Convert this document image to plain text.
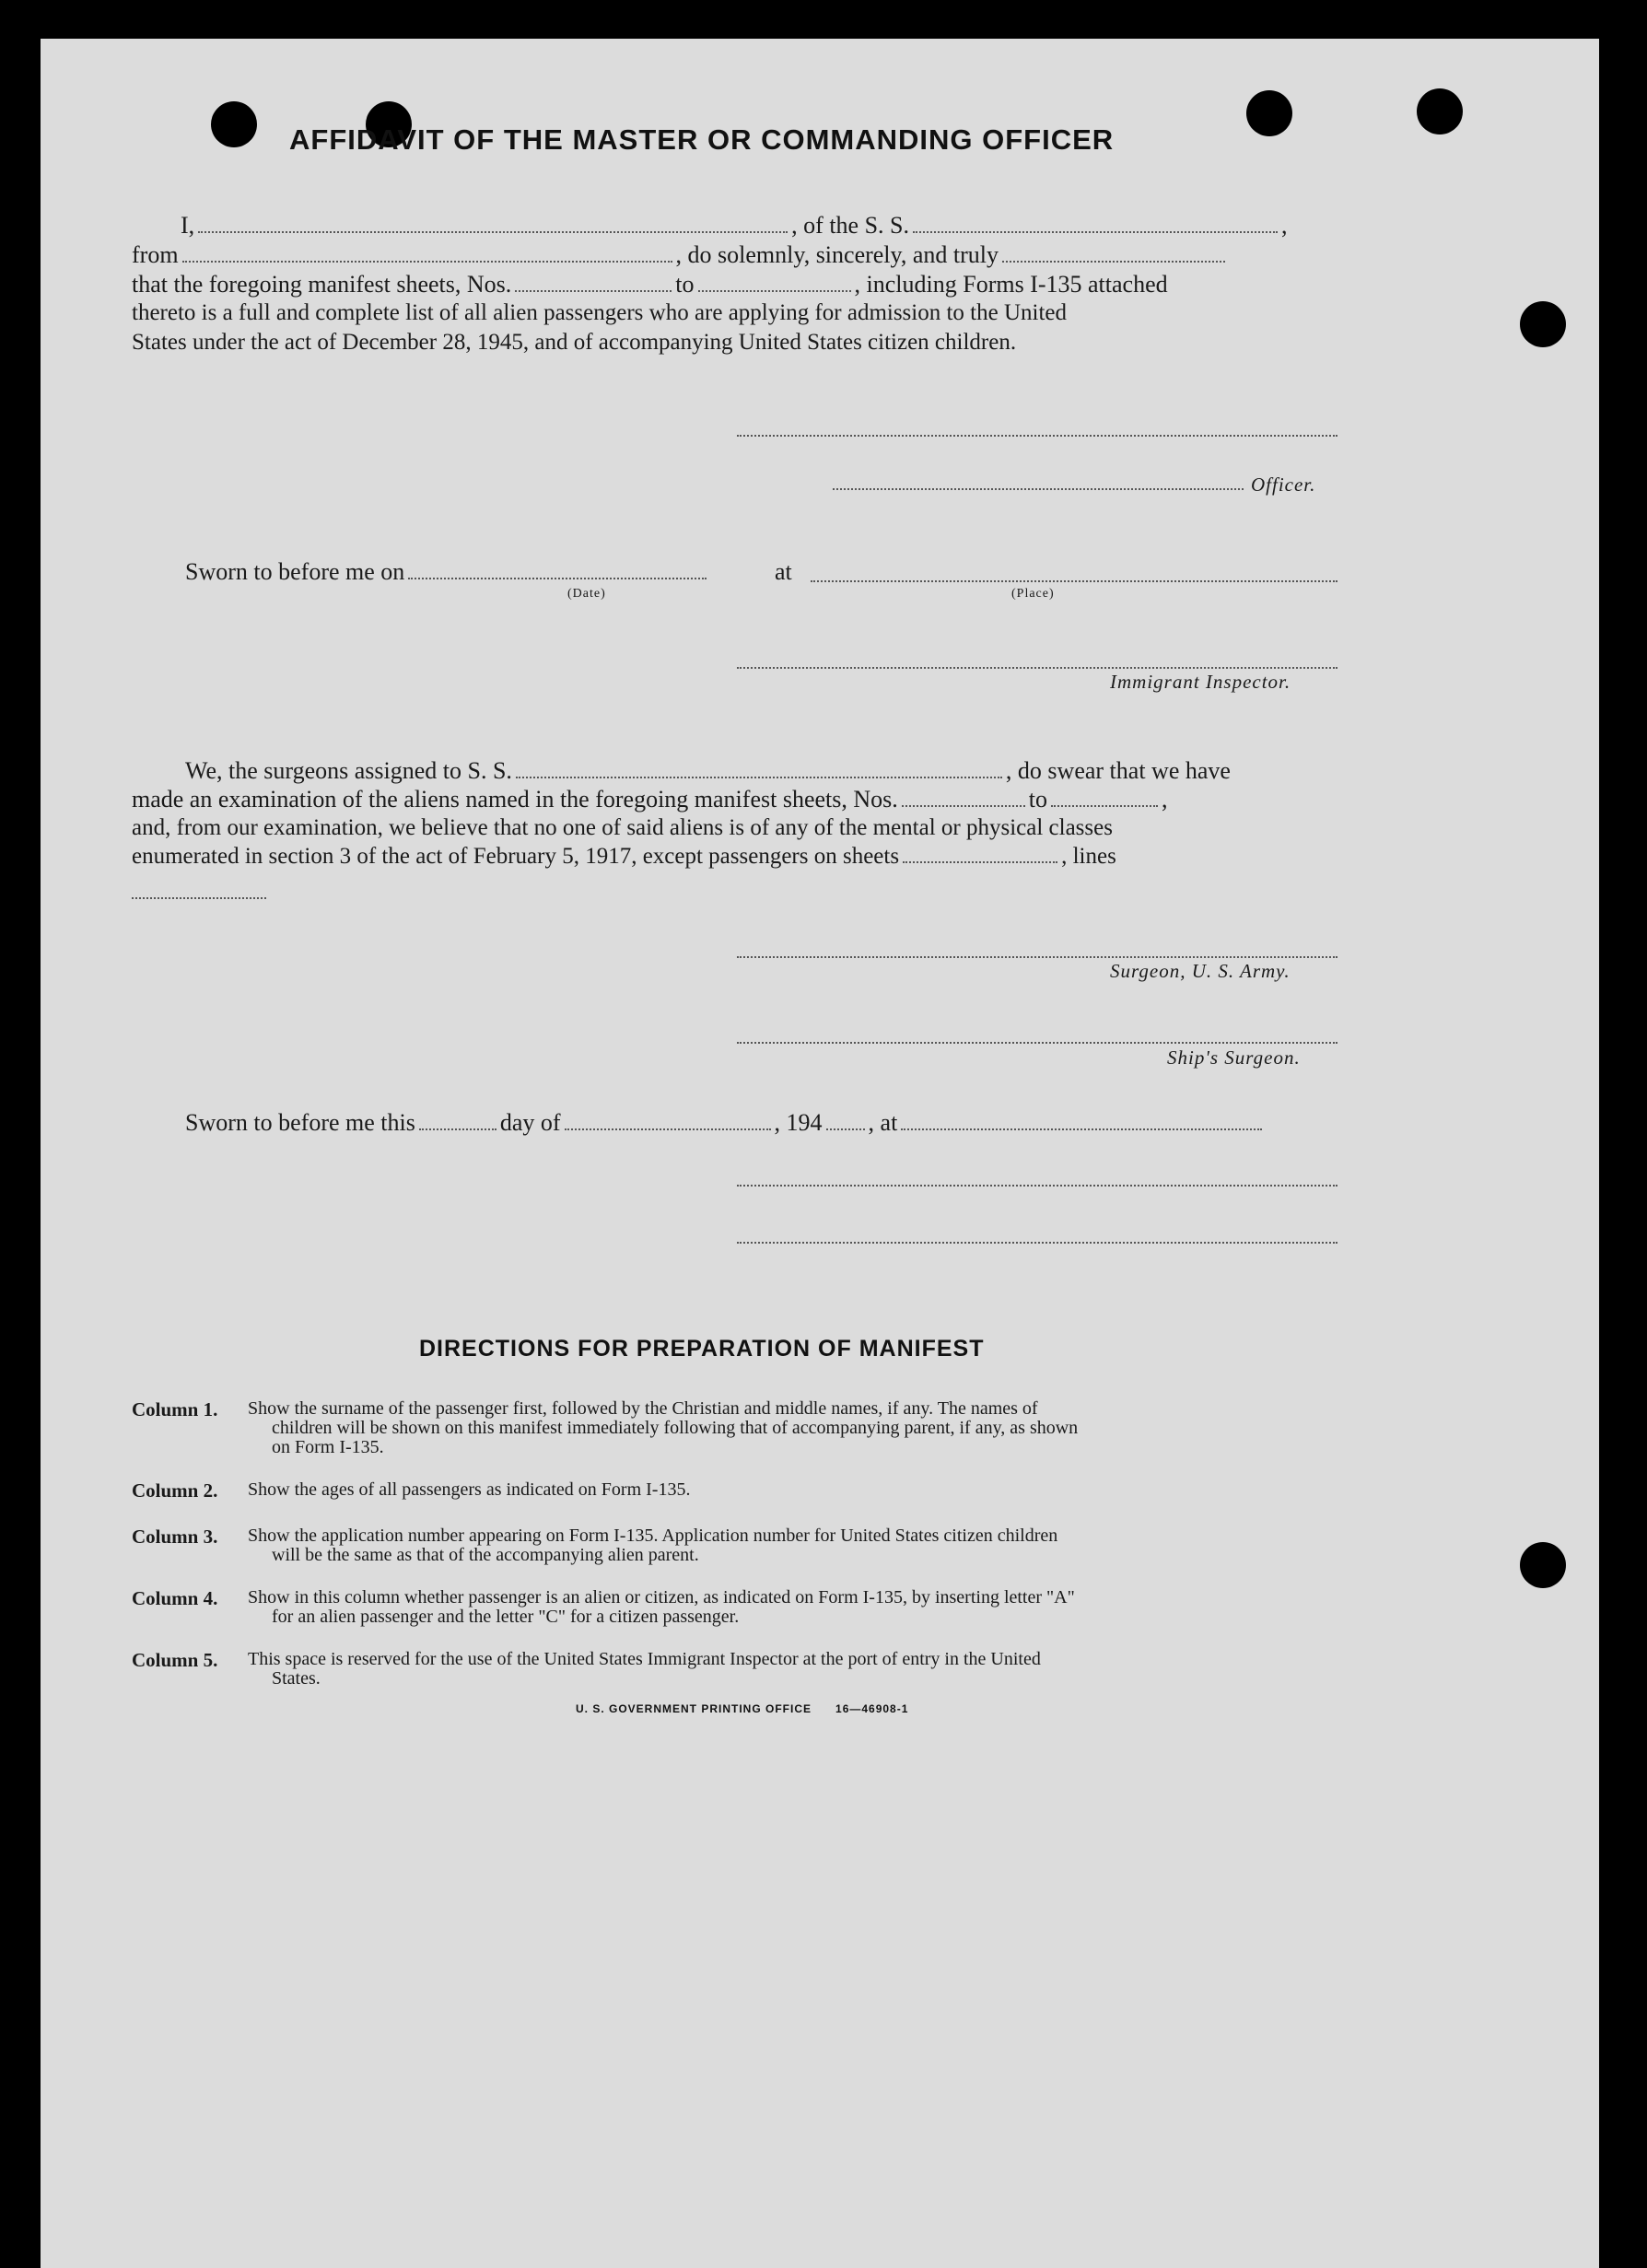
AFFIDAVIT OF THE MASTER OR COMMANDING OFFICER
I,	, of the S. S.	,
from	, do solemnly, sincerely, and truly
that the foregoing manifest sheets, Nos.	to	, including Forms I-135 attached
thereto is a full and complete list of all alien passengers who are applying for admission to the United
States under the act of December 28, 1945, and of accompanying United States citizen children.
Officer.
Sworn to before me on	at
(Date)	(Place)
Immigrant Inspector.
We, the surgeons assigned to S. S.	, do swear that we have
made an examination of the aliens named in the foregoing manifest sheets, Nos.	to	,
and, from our examination, we believe that no one of said aliens is of any of the mental or physical classes
enumerated in section 3 of the act of February 5, 1917, except passengers on sheets	, lines
Surgeon, U. S. Army.
Ship's Surgeon.
Sworn to before me this	day of	, 194 , at
DIRECTIONS FOR PREPARATION OF MANIFEST
Column 1. Show the surname of the passenger first, followed by the Christian and middle names, if any. The names of
children will be shown on this manifest immediately following that of accompanying parent, if any, as shown
on Form I-135.
Column 2. Show the ages of all passengers as indicated on Form I-135.
Column 3. Show the application number appearing on Form I-135. Application number for United States citizen children
will be the same as that of the accompanying alien parent.
Column 4. Show in this column whether passenger is an alien or citizen, as indicated on Form I-135, by inserting letter "A"
for an alien passenger and the letter "C" for a citizen passenger.
Column 5. This space is reserved for the use of the United States Immigrant Inspector at the port of entry in the United
States.
U. S. GOVERNMENT PRINTING OFFICE      16—46908-1
